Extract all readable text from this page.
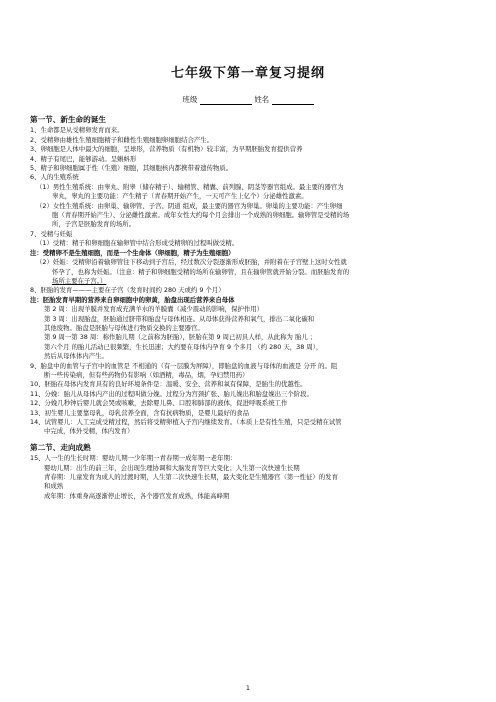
七年级下第一章复习提纲
班级	姓名
第一节、新生命的诞生

1、生命都是从受精卵发育而来。

2、受精卵由雄性生殖细胞精子和雌性生殖细胞卵细胞结合产生。

3、卵细胞是人体中最大的细胞，呈球形，营养物质（有机物）较丰富，为早期胚胎发育提供营养

4、精子有尾巴，能够游动。呈蝌蚪形

5、精子和卵细胞属于性（生殖）细胞，其细胞核内都携带着遗传物质。

6、人的生殖系统

（1）男性生殖系统：由睾丸、附睾（储存精子）、输精管、精囊、前列腺、阴茎等器官组成。最主要的器官为

睾丸，睾丸的主要功能：产生精子（青春期开始产生，一天可产生上亿个）分泌雄性激素。

（2）女性生殖系统：由卵巢、输卵管、子宫、阴道 组成，最主要的器官为卵巢。卵巢的主要功能：产生卵细

胞（青春期开始产生）、分泌雌性激素。成年女性大约每个月会排出一个成熟的卵细胞。输卵管是受精的场

所，子宫是胚胎发育的场所。

7、受精与妊娠

（1）受精：精子和卵细胞在输卵管中结合形成受精卵的过程叫做受精。

注：受精卵不是生殖细胞，而是一个生命体（卵细胞，精子为生殖细胞）

（2）妊娠：受精卵沿着输卵管往下移动到子宫后，经过数次分裂逐渐形成胚胎，并附着在子宫壁上这时女性就

怀孕了，也称为妊娠。（注意：精子和卵细胞受精的场所在输卵管，且在输卵管就开始分裂。而胚胎发育的

场所主要在子宫。）

8、胚胎的发育———主要在子宫（发育时间约 280 天或约 9 个月）

注：胚胎发育早期的营养来自卵细胞中的卵黄，胎盘出现后营养来自母体

第 2 周：出现羊膜并发育成充满羊水的羊膜囊（减少震动的影响，保护作用）

第 3 周：出现胎盘，胚胎通过脐带和胎盘与母体相连。从母体获得营养和氧气，排出二氧化碳和

其他废物。胎盘是胚胎与母体进行物质交换的主要器官。

第 9 周一第 38 周：称作胎儿期（之前称为胚胎），胚胎在第 9 周已初具人样，从此称为 胎儿 ；

第六个月 的胎儿活动已很频繁，生长迅速；大约要在母体内孕育 9 个多月 （约 280 天，38 周），

然后从母体体内产生。

9、胎盘中的血管与子宫中的血管是 不相通的（有一层膜为屏障），即胎盘的血液与母体的血液是 分开 的。阻

断一些传染病，但有些药物仍有影响（如酒精，毒品，烟，孕妇禁用药）

10、胚胎在母体内发育具有的良好环境条件是：温暖、安全、营养和氧有保障，是胎生的优越性。

11、分娩：胎儿从母体内产出的过程叫做分娩。过程分为宫颈扩张、胎儿娩出和胎盘娩出三个阶段。

12、分娩几秒钟后婴儿就会哭或咳嗽，去除婴儿鼻、口腔和肺部的液体，促进呼吸系统工作

13、初生婴儿主要靠母乳，母乳营养全面，含有抗病物质，是婴儿最好的食品

14、试管婴儿：人工完成受精过程，然后将受精卵植入子宫内继续发育。（本质上是有性生殖，只是受精在试管

中完成，体外受精，体内发育）

第二节、走向成熟

15、人一生的生长时期：婴幼儿期一少年期一青春期一成年期一老年期：

婴幼儿期：出生的前三年，会出现生理协调和大脑发育等巨大变化；人生第一次快速生长期

青春期：儿童发育为成人的过渡时期，人生第二次快速生长期，最大变化是生殖器官（第一性征）的发育

和成熟

成年期：体重身高逐渐停止增长，各个器官发育成熟，体能高峰期

1
